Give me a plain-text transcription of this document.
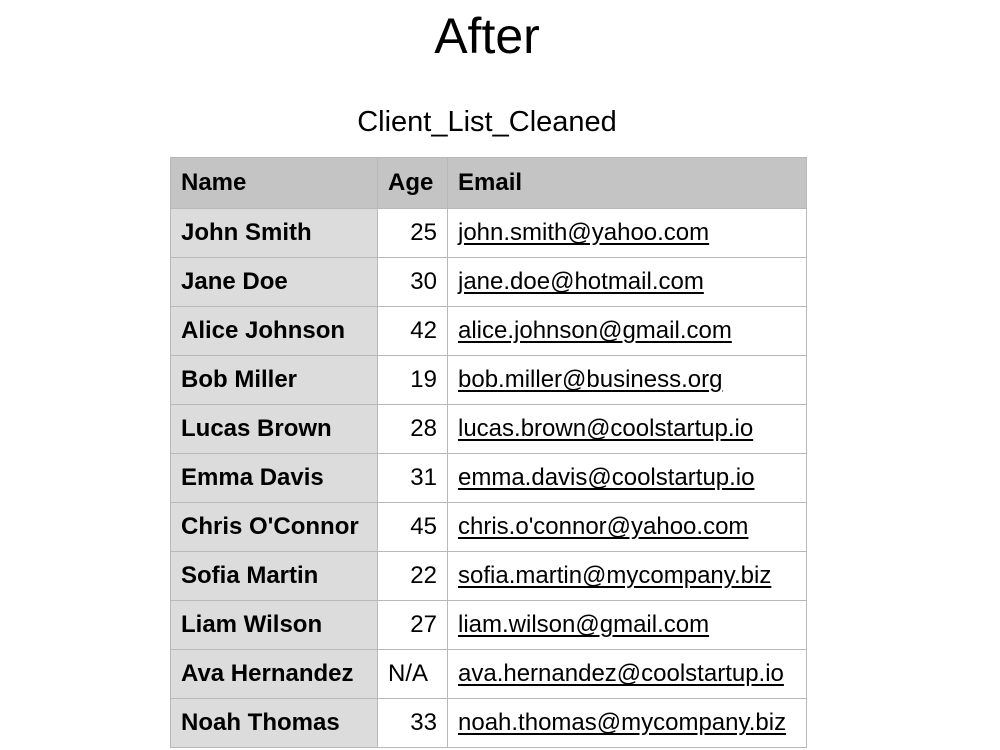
After
Client_List_Cleaned
Name	Age	Email
John Smith	25	john.smith@yahoo.com
Jane Doe	30	jane.doe@hotmail.com
Alice Johnson	42	alice.johnson@gmail.com
Bob Miller	19	bob.miller@business.org
Lucas Brown	28	lucas.brown@coolstartup.io
Emma Davis	31	emma.davis@coolstartup.io
Chris O'Connor	45	chris.o'connor@yahoo.com
Sofia Martin	22	sofia.martin@mycompany.biz
Liam Wilson	27	liam.wilson@gmail.com
Ava Hernandez	N/A	ava.hernandez@coolstartup.io
Noah Thomas	33	noah.thomas@mycompany.biz
